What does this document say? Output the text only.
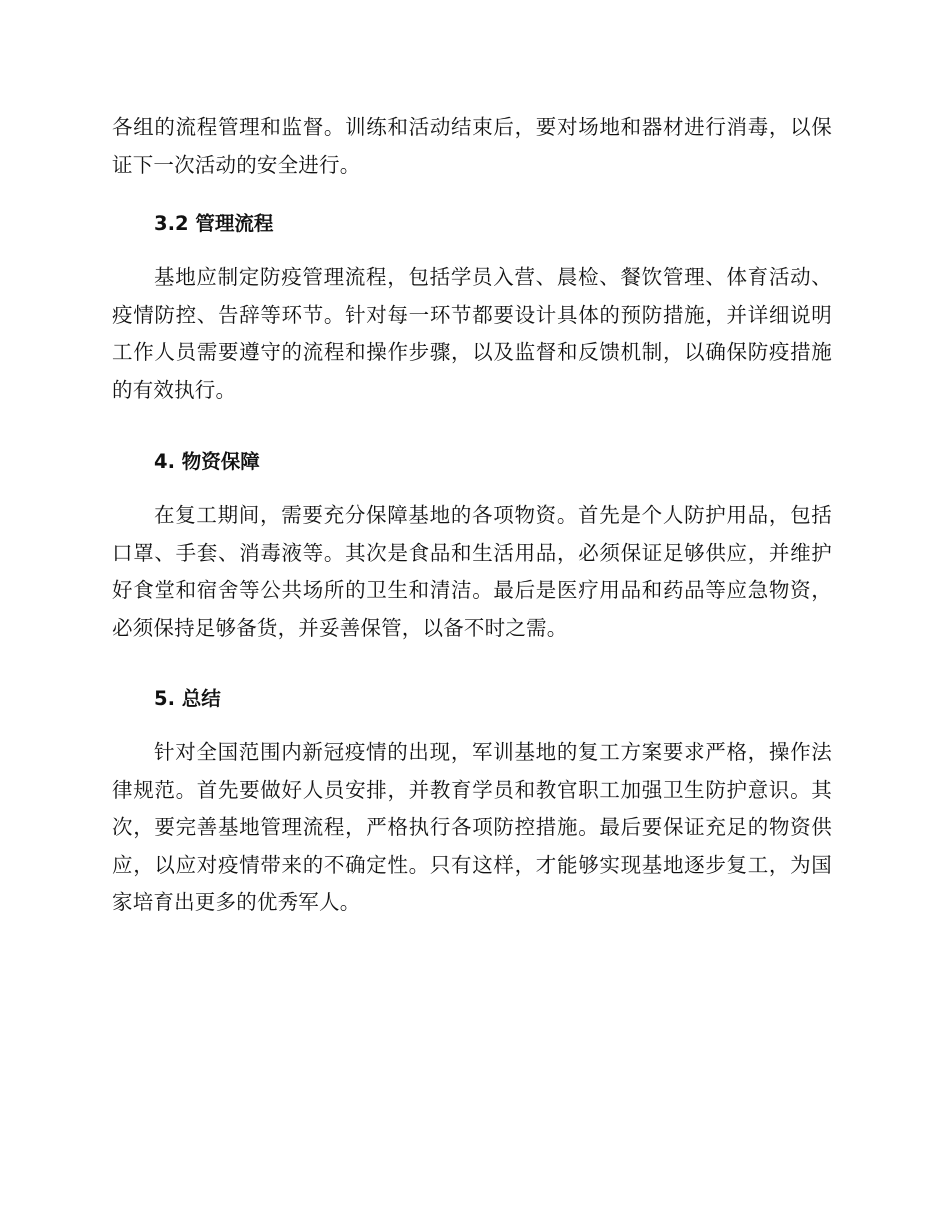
各组的流程管理和监督。训练和活动结束后，要对场地和器材进行消毒，以保证下一次活动的安全进行。

3.2 管理流程

基地应制定防疫管理流程，包括学员入营、晨检、餐饮管理、体育活动、疫情防控、告辞等环节。针对每一环节都要设计具体的预防措施，并详细说明工作人员需要遵守的流程和操作步骤，以及监督和反馈机制，以确保防疫措施的有效执行。

4. 物资保障

在复工期间，需要充分保障基地的各项物资。首先是个人防护用品，包括口罩、手套、消毒液等。其次是食品和生活用品，必须保证足够供应，并维护好食堂和宿舍等公共场所的卫生和清洁。最后是医疗用品和药品等应急物资，必须保持足够备货，并妥善保管，以备不时之需。

5. 总结

针对全国范围内新冠疫情的出现，军训基地的复工方案要求严格，操作法律规范。首先要做好人员安排，并教育学员和教官职工加强卫生防护意识。其次，要完善基地管理流程，严格执行各项防控措施。最后要保证充足的物资供应，以应对疫情带来的不确定性。只有这样，才能够实现基地逐步复工，为国家培育出更多的优秀军人。
